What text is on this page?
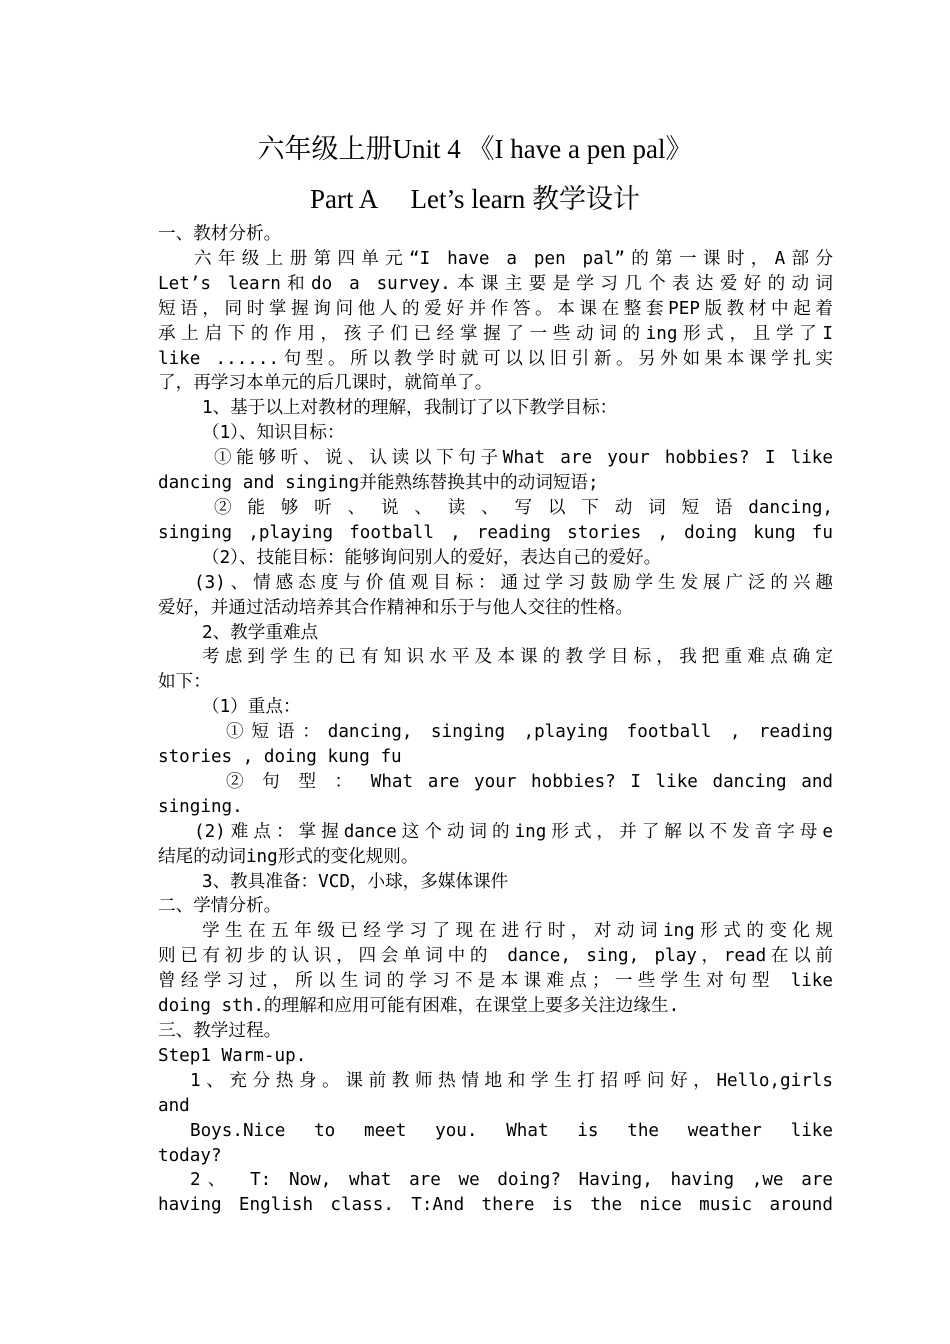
六年级上册Unit 4 《I have a pen pal》
Part A　 Let’s learn 教学设计

一、教材分析。

六年级上册第四单元“I have a pen pal”的第一课时，A部分

Let’s learn和do a survey.本课主要是学习几个表达爱好的动词

短语，同时掌握询问他人的爱好并作答。本课在整套PEP版教材中起着

承上启下的作用，孩子们已经掌握了一些动词的ing形式，且学了I

like ......句型。所以教学时就可以以旧引新。另外如果本课学扎实

了，再学习本单元的后几课时，就简单了。

1、基于以上对教材的理解，我制订了以下教学目标：

（1）、知识目标：

①能够听、说、认读以下句子What are your hobbies? I like

dancing and singing并能熟练替换其中的动词短语;

② 能 够 听 、 说 、 读 、 写 以 下 动 词 短 语 dancing,

singing ,playing football , reading stories , doing kung fu

（2）、技能目标：能够询问别人的爱好，表达自己的爱好。

(3)、情感态度与价值观目标：通过学习鼓励学生发展广泛的兴趣

爱好，并通过活动培养其合作精神和乐于与他人交往的性格。

2、教学重难点

考虑到学生的已有知识水平及本课的教学目标，我把重难点确定

如下：

（1）重点：

①短语：dancing, singing ,playing football , reading

stories , doing kung fu

② 句 型 ： What are your hobbies? I like dancing and

singing.

(2)难点：掌握dance这个动词的ing形式，并了解以不发音字母e

结尾的动词ing形式的变化规则。

3、教具准备：VCD，小球，多媒体课件

二、学情分析。

学生在五年级已经学习了现在进行时，对动词ing形式的变化规

则已有初步的认识，四会单词中的 dance, sing, play，read在以前

曾经学习过，所以生词的学习不是本课难点；一些学生对句型 like

doing sth.的理解和应用可能有困难，在课堂上要多关注边缘生.

三、教学过程。

Step1 Warm-up.

1、充分热身。课前教师热情地和学生打招呼问好，Hello,girls

and

Boys.Nice to meet you. What is the weather like

today?

2、 T: Now, what are we doing? Having, having ,we are

having English class. T:And there is the nice music around
